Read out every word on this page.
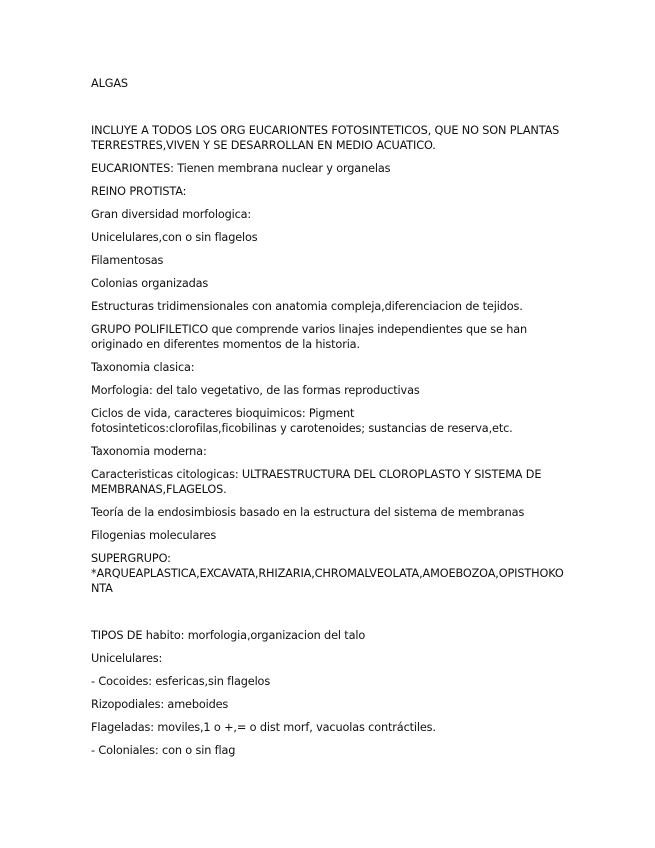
ALGAS

INCLUYE A TODOS LOS ORG EUCARIONTES FOTOSINTETICOS, QUE NO SON PLANTAS TERRESTRES,VIVEN Y SE DESARROLLAN EN MEDIO ACUATICO.

EUCARIONTES: Tienen membrana nuclear y organelas

REINO PROTISTA:

Gran diversidad morfologica:

Unicelulares,con o sin flagelos

Filamentosas

Colonias organizadas

Estructuras tridimensionales con anatomia compleja,diferenciacion de tejidos.

GRUPO POLIFILETICO que comprende varios linajes independientes que se han originado en diferentes momentos de la historia.

Taxonomia clasica:

Morfologia: del talo vegetativo, de las formas reproductivas

Ciclos de vida, caracteres bioquimicos: Pigment

fotosinteticos:clorofilas,ficobilinas y carotenoides; sustancias de reserva,etc.

Taxonomia moderna:

Caracteristicas citologicas: ULTRAESTRUCTURA DEL CLOROPLASTO Y SISTEMA DE MEMBRANAS,FLAGELOS.

Teoría de la endosimbiosis basado en la estructura del sistema de membranas

Filogenias moleculares

SUPERGRUPO:

*ARQUEAPLASTICA,EXCAVATA,RHIZARIA,CHROMALVEOLATA,AMOEBOZOA,OPISTHOKONTA

TIPOS DE habito: morfologia,organizacion del talo

Unicelulares:

- Cocoides: esfericas,sin flagelos

Rizopodiales: ameboides

Flageladas: moviles,1 o +,= o dist morf, vacuolas contráctiles.

- Coloniales: con o sin flag
